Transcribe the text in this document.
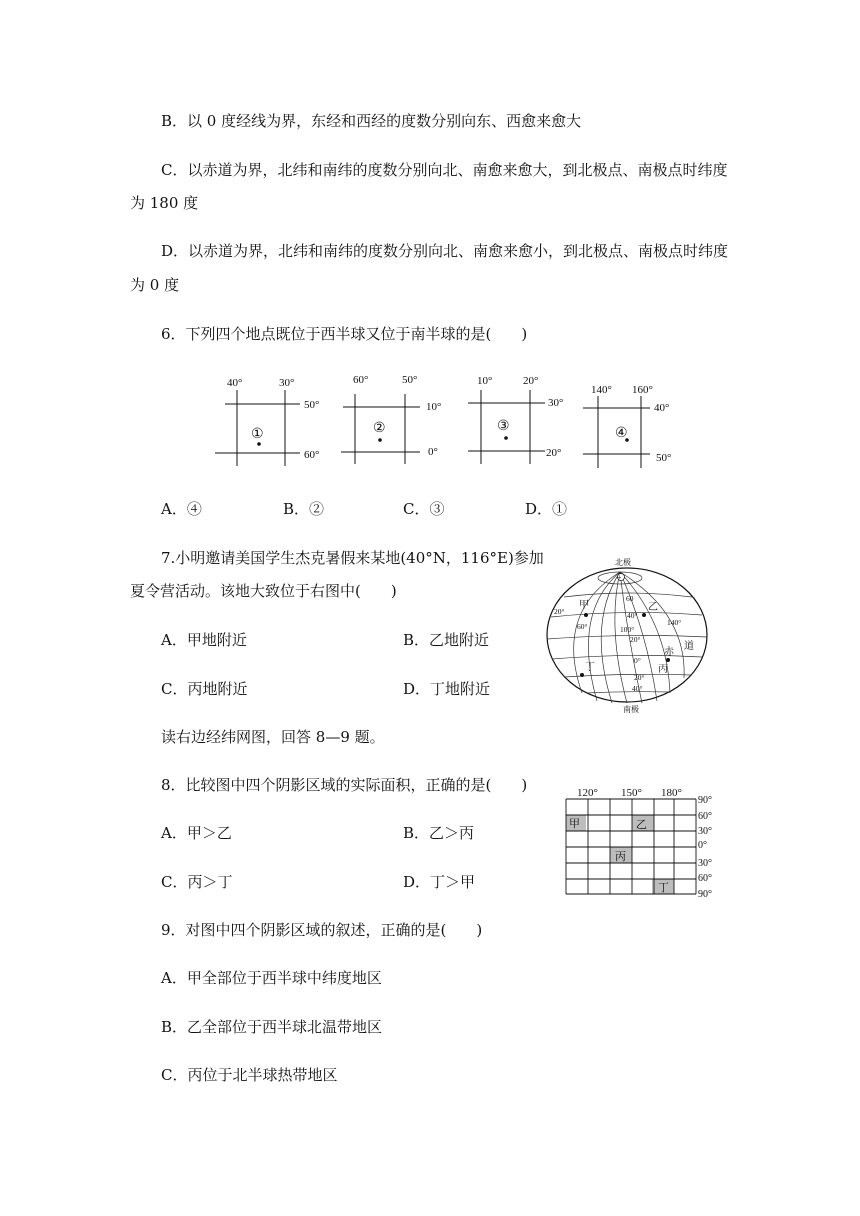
B．以 0 度经线为界，东经和西经的度数分别向东、西愈来愈大
C．以赤道为界，北纬和南纬的度数分别向北、南愈来愈大，到北极点、南极点时纬度
为 180 度
D．以赤道为界，北纬和南纬的度数分别向北、南愈来愈小，到北极点、南极点时纬度
为 0 度
6．下列四个地点既位于西半球又位于南半球的是(　　)
①
40°	30°
50°
60°
②
60°	50°
10°
0°
③
10°	20°
30°
20°
④
140° 160°
40°
50°
A．④	B．②	C．③	D．①
7.小明邀请美国学生杰克暑假来某地(40°N，116°E)参加
夏令营活动。该地大致位于右图中(　　)
A．甲地附近	B．乙地附近
C．丙地附近	D．丁地附近
+
北极
南极
甲	乙
丙
丁
赤
道
20°
60°
60
40°
140°
100°
20°
0°
20°
40°
读右边经纬网图，回答 8—9 题。
8．比较图中四个阴影区域的实际面积，正确的是(　　)
A．甲＞乙	B．乙＞丙
C．丙＞丁	D．丁＞甲
120° 150° 180°
90°
60°
30°
0°
30°
60°
90°
甲	乙
丙
丁
9．对图中四个阴影区域的叙述，正确的是(　　)
A．甲全部位于西半球中纬度地区
B．乙全部位于西半球北温带地区
C．丙位于北半球热带地区
